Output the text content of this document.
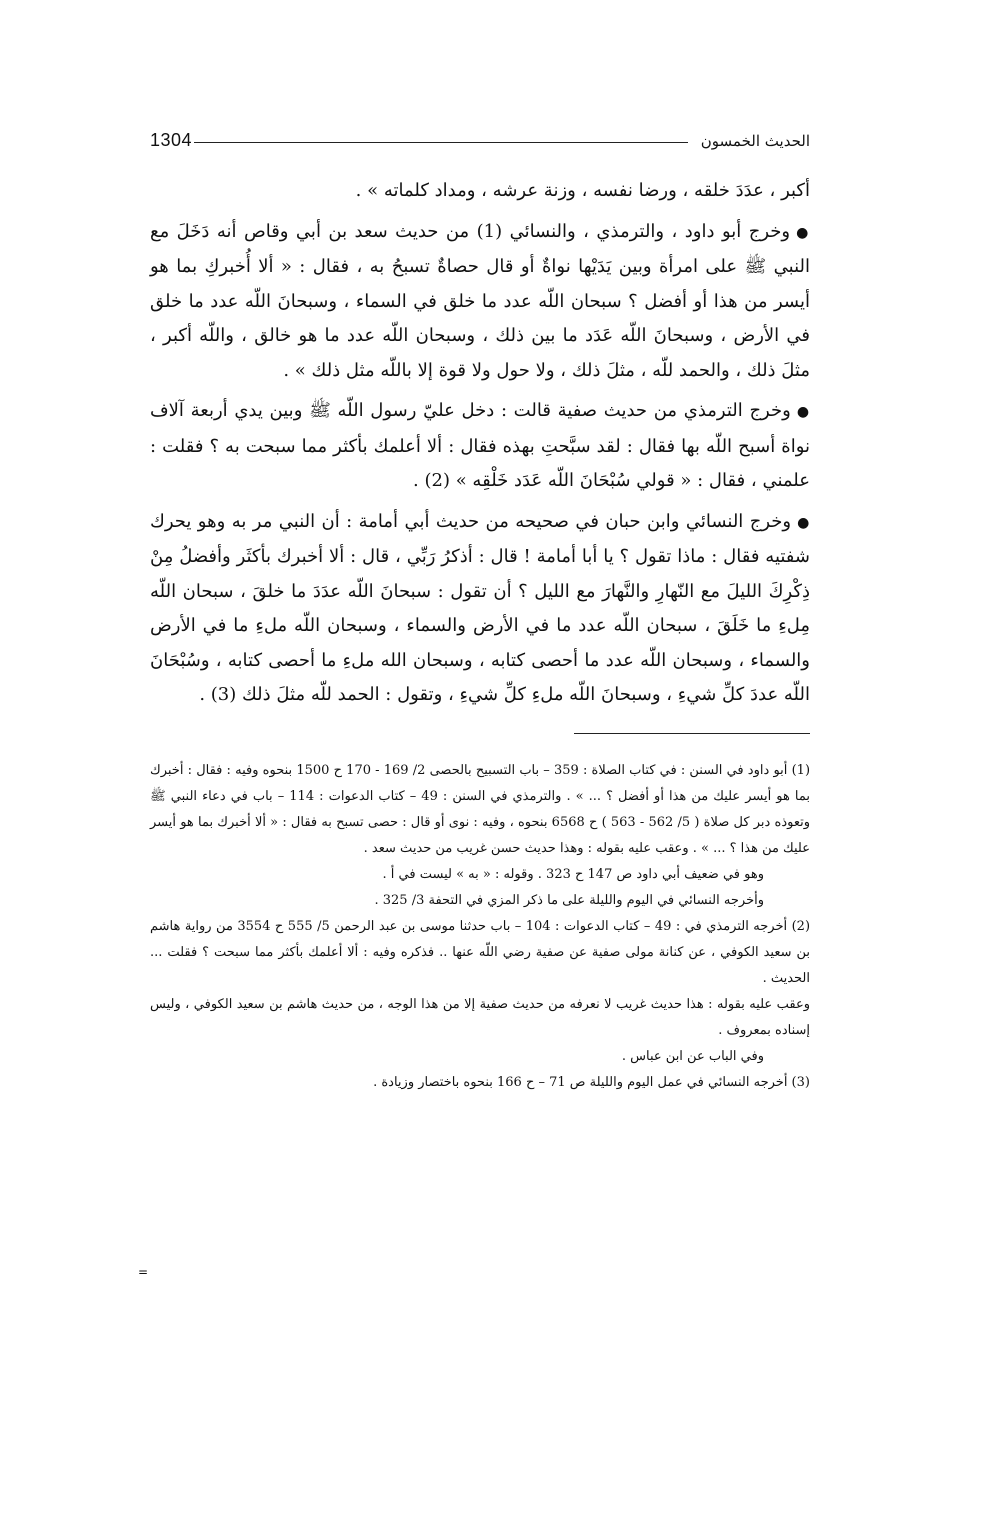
1304	الحديث الخمسون

أكبر ، عدَدَ خلقه ، ورضا نفسه ، وزنة عرشه ، ومداد كلماته » .

●وخرج أبو داود ، والترمذي ، والنسائي (1) من حديث سعد بن أبي وقاص أنه دَخَلَ مع النبي ﷺ على امرأة وبين يَدَيْها نواةٌ أو قال حصاةٌ تسبحُ به ، فقال : « ألا أُخبركِ بما هو أيسر من هذا أو أفضل ؟ سبحان اللّه عدد ما خلق في السماء ، وسبحانَ اللّه عدد ما خلق في الأرض ، وسبحانَ اللّه عَدَد ما بين ذلك ، وسبحان اللّه عدد ما هو خالق ، واللّه أكبر ، مثلَ ذلك ، والحمد للّه ، مثلَ ذلك ، ولا حول ولا قوة إلا باللّه مثل ذلك » .

●وخرج الترمذي من حديث صفية قالت : دخل عليّ رسول اللّه ﷺ وبين يدي أربعة آلاف نواة أسبح اللّه بها فقال : لقد سبَّحتِ بهذه فقال : ألا أعلمك بأكثر مما سبحت به ؟ فقلت : علمني ، فقال : « قولي سُبْحَانَ اللّه عَدَد خَلْقِه » (2) .

●وخرج النسائي وابن حبان في صحيحه من حديث أبي أمامة : أن النبي مر به وهو يحرك شفتيه فقال : ماذا تقول ؟ يا أبا أمامة ! قال : أذكرُ رَبِّي ، قال : ألا أخبرك بأكثَر وأفضلُ مِنْ ذِكْرِكَ الليلَ مع النّهارِ والنَّهارَ مع الليل ؟ أن تقول : سبحانَ اللّه عدَدَ ما خلقَ ، سبحان اللّه مِلءِ ما خَلَقَ ، سبحان اللّه عدد ما في الأرض والسماء ، وسبحان اللّه ملءِ ما في الأرض والسماء ، وسبحان اللّه عدد ما أحصى كتابه ، وسبحان الله ملءِ ما أحصى كتابه ، وسُبْحَانَ اللّه عددَ كلِّ شيءِ ، وسبحانَ اللّه ملءِ كلِّ شيءِ ، وتقول : الحمد للّه مثلَ ذلك (3) .

(1) أبو داود في السنن : في كتاب الصلاة : 359 – باب التسبيح بالحصى 2/ 169 - 170 ح 1500 بنحوه وفيه : فقال : أخبرك بما هو أيسر عليك من هذا أو أفضل ؟ ... » . والترمذي في السنن : 49 – كتاب الدعوات : 114 – باب في دعاء النبي ﷺ وتعوذه دبر كل صلاة ( 5/ 562 - 563 ) ح 6568 بنحوه ، وفيه : نوى أو قال : حصى تسبح به فقال : « ألا أخبرك بما هو أيسر عليك من هذا ؟ ... » . وعقب عليه بقوله : وهذا حديث حسن غريب من حديث سعد .

وهو في ضعيف أبي داود ص 147 ح 323 . وقوله : « به » ليست في أ .

وأخرجه النسائي في اليوم والليلة على ما ذكر المزي في التحفة 3/ 325 .

(2) أخرجه الترمذي في : 49 – كتاب الدعوات : 104 – باب حدثنا موسى بن عبد الرحمن 5/ 555 ح 3554 من رواية هاشم بن سعيد الكوفي ، عن كنانة مولى صفية عن صفية رضي اللّه عنها .. فذكره وفيه : ألا أعلمك بأكثر مما سبحت ؟ فقلت ... الحديث .

وعقب عليه بقوله : هذا حديث غريب لا نعرفه من حديث صفية إلا من هذا الوجه ، من حديث هاشم بن سعيد الكوفي ، وليس إسناده بمعروف .

وفي الباب عن ابن عباس .

(3) أخرجه النسائي في عمل اليوم والليلة ص 71 – ح 166 بنحوه باختصار وزيادة .

=
